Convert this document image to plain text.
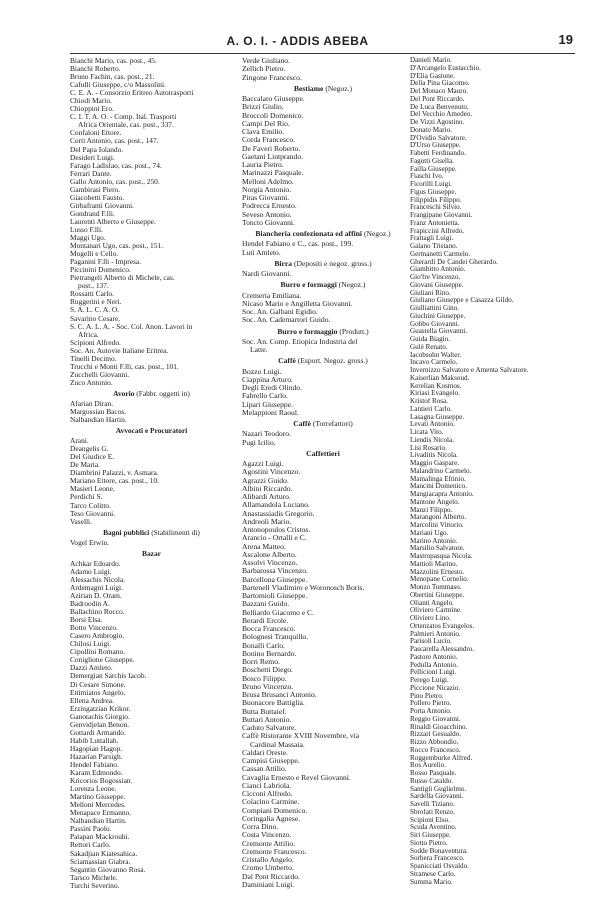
A. O. I. - ADDIS ABEBA	19
Bianchi Mario, cas. post., 45.
Bianchi Roberto.
Bruno Fachin, cas. post., 21.
Cafulli Giuseppe, c/o Massolini.
C. E. A. - Consorzio Eritreo Autotrasporti
Chiodi Mario.
Chioppini Ero.
C. I. T. A. O. - Comp. Ital. Trasporti
Africa Orientale, cas. post., 337.
Confaloni Ettore.
Corti Antonio, cas. post., 147.
Del Papa Iolando.
Desideri Luigi.
Farago Ladislao, cas. post., 74.
Ferrari Dante.
Gallo Antonio, cas. post., 250.
Gambirasi Piero.
Giacobetti Fausto.
Girbafranti Giovanni.
Gondrand F.lli.
Laurenti Alberto e Giuseppe.
Lusso F.lli.
Maggi Ugo.
Montanari Ugo, cas. post., 151.
Mogelli e Cello.
Paganini F.lli - Impresa.
Piccinini Domenico.
Pietrangeli Alberto di Michele, cas.
post., 137.
Rossatti Carlo.
Ruggerini e Neri.
S. A. L. C. A. O.
Savarino Cesare.
S. C. A. L. A. - Soc. Col. Anon. Lavori in
Africa.
Scipioni Alfredo.
Soc. An. Autovie Italiane Eritrea.
Tinelli Decimo.
Trucchi e Monti F.lli, cas. post., 101.
Zucchelli Giovanni.
Zuco Antonio.
Avorio (Fabbr. oggetti in)
Afarian Diran.
Margossian Bacos.
Nalbandian Hartin.
Avvocati e Procuratori
Arani.
Deangelis G.
Del Giudice E.
De Maria.
Diambrini Palazzi, v. Asmara.
Mariano Ettore, cas. post., 10.
Masieri Leone.
Perdichi S.
Tarco Colitto.
Teso Giovanni.
Vaselli.
Bagni pubblici (Stabilimenti di)
Vogel Erwin.
Bazar
Achkar Edoardo.
Adamo Luigi.
Alessachis Nicola.
Ardemagni Luigi.
Azirian D. Oram.
Badroodin A.
Ballachino Rocco.
Borsi Elsa.
Botto Vincenzo.
Casero Ambrogio.
Chilosi Luigi.
Cipollini Romano.
Coniglione Giuseppe.
Dazzi Amleto.
Demergian Sarchis Iacob.
Di Cesare Simone.
Ettimiatos Angelo.
Ellena Andrea.
Erzingatzian Krikor.
Ganotachis Giorgio.
Genvidjelan Benon.
Gottardi Armando.
Habib Luttallah.
Hagopian Hagop.
Hazarian Parsigh.
Hendel Fabiano.
Karam Edmondo.
Kricorios Bogossian.
Lorenza Leone.
Martino Giuseppe.
Melloni Mercedes.
Menapace Ermanno.
Nalbandian Hartin.
Passini Paolo.
Patapan Mackrouhi.
Rettori Carlo.
Sakadjian Kiatesahica.
Sciamassian Giabra.
Segantin Giovanno Rosa.
Tarsco Michele.
Turchi Severino.
Verde Giuliano.
Zellich Pietro.
Zingone Francesco.
Bestiame (Negoz.)
Baccalaro Giuseppe.
Brizzi Giulio.
Broccoli Domenico.
Campi Del Rio.
Clava Emilio.
Corda Francesco.
De Faveri Roberto.
Gaetani Liutprando.
Lauria Pietro.
Marinazzi Pasquale.
Melloni Adelmo.
Norgia Antonio.
Piras Giovanni.
Podrecca Ernesto.
Seveso Antonio.
Toncto Giovanni.
Biancheria confezionata ed affini (Negoz.)
Hendel Fabiano e C., cas. post., 199.
Luti Amleto.
Birra (Depositi e negoz. gross.)
Nardi Giovanni.
Burro e formaggi (Negoz.)
Cremeria Emiliana.
Nicaso Mario e Angilletta Giovanni.
Soc. An. Galbani Egidio.
Soc. An. Cademartori Guido.
Burro e formaggio (Produtt.)
Soc. An. Comp. Etiopica Industria del
Latte.
Caffè (Esport. Negoz. gross.)
Bozzo Luigi.
Ciappina Arturo.
Degli Eredi Olindo.
Fabrello Carlo.
Lipari Giuseppe.
Melappioni Raoul.
Caffè (Torrefattori)
Nazari Teodoro.
Pugi Icilio.
Caffettieri
Agazzi Luigi.
Agostini Vincenzo.
Agrazzi Guido.
Albini Riccardo.
Alibardi Arturo.
Allamandola Luciano.
Anastassiadis Gregorio.
Andreoli Mario.
Antonopoulos Cristos.
Arancio - Ortalli e C.
Arena Matteo.
Ascalone Alberto.
Assolvi Vincenzo.
Barbarossa Vincenzo.
Barcellona Giuseppe.
Bartenell Vladimiro e Woronosch Boris.
Bartomioli Giuseppe.
Bazzani Guido.
Belliardo Giacomo e C.
Berardi Ercole.
Bocca Francesco.
Bolognesi Tranquillo.
Bonalli Carlo.
Bonino Bernardo.
Borri Remo.
Boschetti Diego.
Bosco Filippo.
Bruno Vincenzo.
Brusa Brusanci Antonio.
Buonacore Battiglia.
Butta Buttaief.
Buttari Antonio.
Caduto Salvatore.
Caffè Ristorante XVIII Novembre, via
Cardinal Massaia.
Caldari Oreste.
Campisi Giuseppe.
Cassan Attilio.
Cavaglia Ernesto e Revel Giovanni.
Cianci Labriola.
Cicconi Alfredo.
Colacino Carmine.
Compiani Domenico.
Coringalia Agnese.
Corra Dino.
Costa Vincenzo.
Cremonte Attilio.
Cremonte Francesco.
Cristallo Angelo.
Cromo Umberto.
Dal Pont Riccardo.
Daminiani Luigi.
Danieli Mario.
D'Arcangelo Eustacchio.
D'Elia Gastone.
Della Pina Giacomo.
Del Monaco Mauro.
Del Pont Riccardo.
De Luca Benvenuto.
Del Vecchio Amedeo.
De Vizzi Agostino.
Donato Mario.
D'Ovidio Salvatore.
D'Urso Giuseppe.
Fabetti Ferdinando.
Fagotti Gisella.
Failla Giuseppe.
Fiaschi Ivo.
Ficorilli Luigi.
Figus Giuseppe.
Filippidis Filippo.
Franceschi Silvio.
Frangipane Giovanni.
Franz Antonietta.
Frapiccini Alfredo.
Frattagli Luigi.
Galano Tristano.
Germanetti Carmelo.
Gherardi De Candei Gherardo.
Giambitto Antonio.
Gio'fre Vincenzo.
Giovani Giuseppe.
Giuliani Rino.
Giuliano Giuseppe e Casazza Gildo.
Giulliattini Gino.
Giuchini Giuseppe.
Gobbo Giovanni.
Guastella Giovanni.
Guida Biagio.
Gulè Renato.
Iacobsohn Walter.
Incavo Carmelo.
Invernizzo Salvatore e Amenta Salvatore.
Kaiserlian Maksoud.
Kerelian Kosmos.
Kiriasi Evangelo.
Kristof Rosa.
Lantieri Carlo.
Lasagna Giuseppe.
Levati Antonio.
Licata Vito.
Liendis Nicola.
Lisi Rosario.
Livaditis Nicola.
Maggio Gaspare.
Malandrino Carmelo.
Mamalinga Eftinio.
Mancini Domenico.
Mangiacapra Antonio.
Mantone Angelo.
Manzi Filippo.
Marangoni Alberto.
Marcolini Vittorio.
Mariani Ugo.
Marino Antonio.
Marsilio Salvatore.
Mastropasqua Nicola.
Mattioli Marino.
Mazzolini Ernesto.
Menopane Cornelio.
Monzo Tommaso.
Obertini Giuseppe.
Olianti Angelo.
Oliviero Carmine.
Oliviero Lino.
Ortenzatos Evangelos.
Palmieri Antonio.
Parisoli Lucio.
Pascarella Alessandro.
Pastore Antonio.
Pedulla Antonio.
Pellicioni Luigi.
Perego Luigi.
Piccione Nicazio.
Pino Pietro.
Pollero Pietro.
Porta Antonio.
Reggio Giovanni.
Rinaldi Gioacchino.
Rizzari Gesualdo.
Rizzo Abbondio.
Rocco Francesco.
Roggemburke Alfred.
Ros Aurelio.
Rosso Pasquale.
Russo Cataldo.
Santigli Guglielmo.
Sardella Giovanni.
Savelli Tiziano.
Sbrofati Renzo.
Scipioni Elso.
Scuda Aventino.
Siri Giuseppe.
Siotto Pietro.
Sodde Bonaventura.
Sorbera Francesco.
Spanicciati Osvaldo.
Stramese Carlo.
Summa Mario.
